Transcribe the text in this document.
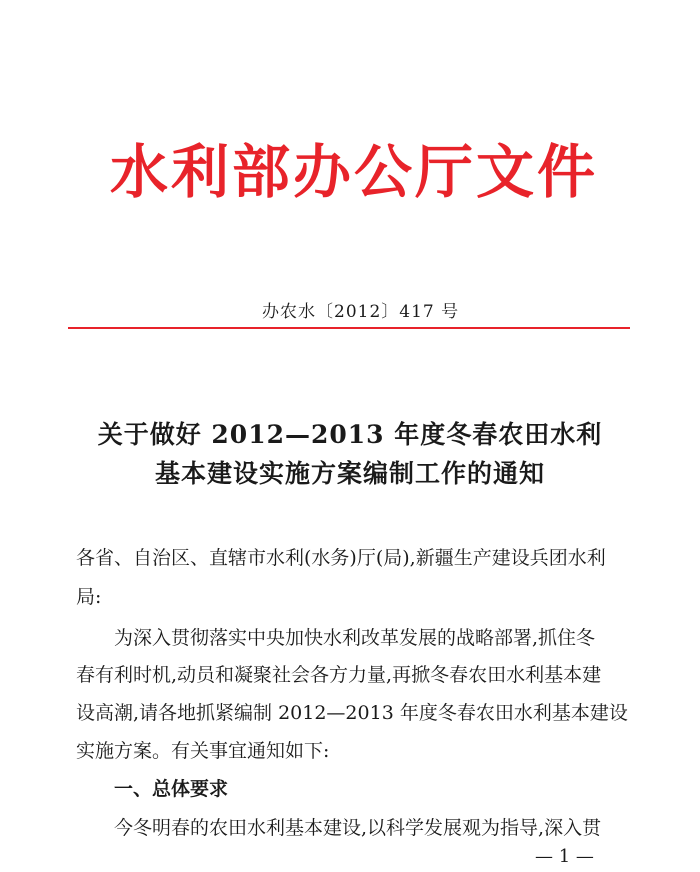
水利部办公厅文件
办农水〔2012〕417 号
关于做好 2012—2013 年度冬春农田水利
基本建设实施方案编制工作的通知
各省、自治区、直辖市水利(水务)厅(局),新疆生产建设兵团水利
局:
为深入贯彻落实中央加快水利改革发展的战略部署,抓住冬
春有利时机,动员和凝聚社会各方力量,再掀冬春农田水利基本建
设高潮,请各地抓紧编制 2012—2013 年度冬春农田水利基本建设
实施方案。有关事宜通知如下:
一、总体要求
今冬明春的农田水利基本建设,以科学发展观为指导,深入贯
— 1 —
